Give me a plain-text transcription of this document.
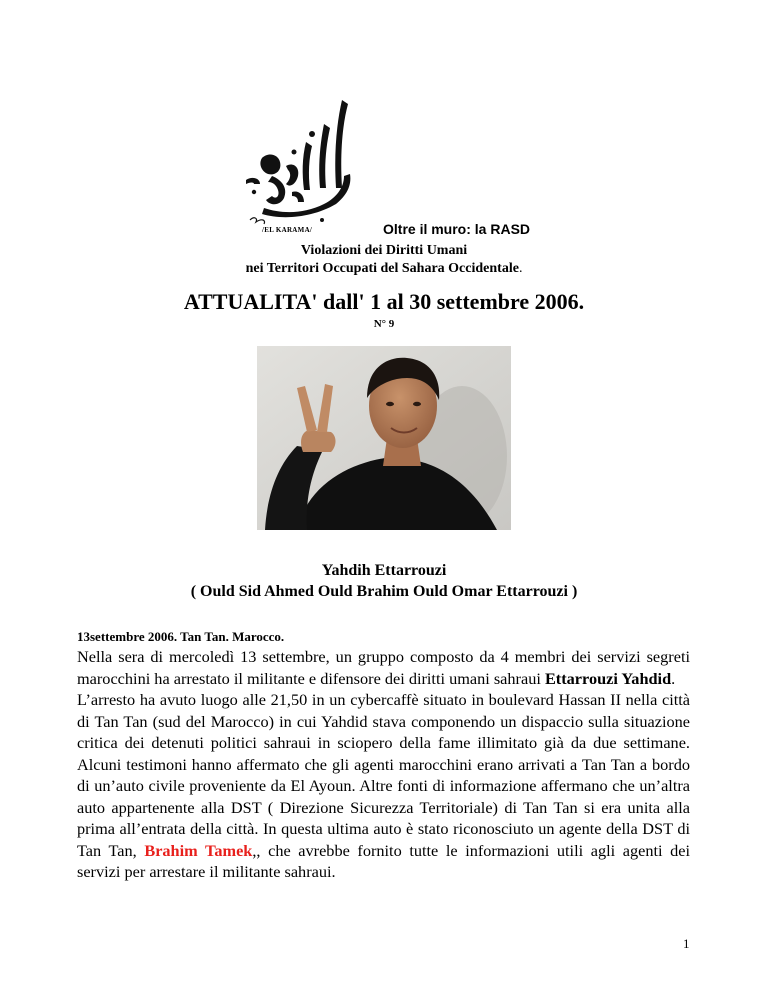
/EL KARAMA/	Oltre il muro: la RASD
Violazioni dei Diritti Umani
nei Territori Occupati del Sahara Occidentale.
ATTUALITA' dall' 1 al 30 settembre 2006.
N° 9
Yahdih Ettarrouzi
( Ould Sid Ahmed Ould Brahim Ould Omar Ettarrouzi )
13settembre 2006. Tan Tan. Marocco.

Nella sera di mercoledì 13 settembre, un gruppo composto da 4 membri dei servizi segreti marocchini ha arrestato il militante e difensore dei diritti umani sahraui Ettarrouzi Yahdid.

L’arresto ha avuto luogo alle 21,50 in un cybercaffè situato in boulevard Hassan II nella città di Tan Tan (sud del Marocco) in cui Yahdid stava componendo un dispaccio sulla situazione critica dei detenuti politici sahraui in sciopero della fame illimitato già da due settimane. Alcuni testimoni hanno affermato che gli agenti marocchini erano arrivati a Tan Tan a bordo di un’auto civile proveniente da El Ayoun. Altre fonti di informazione affermano che un’altra auto appartenente alla DST ( Direzione Sicurezza Territoriale) di Tan Tan si era unita alla prima all’entrata della città. In questa ultima auto è stato riconosciuto un agente della DST di Tan Tan, Brahim Tamek,, che avrebbe fornito tutte le informazioni utili agli agenti dei servizi per arrestare il militante sahraui.

1
